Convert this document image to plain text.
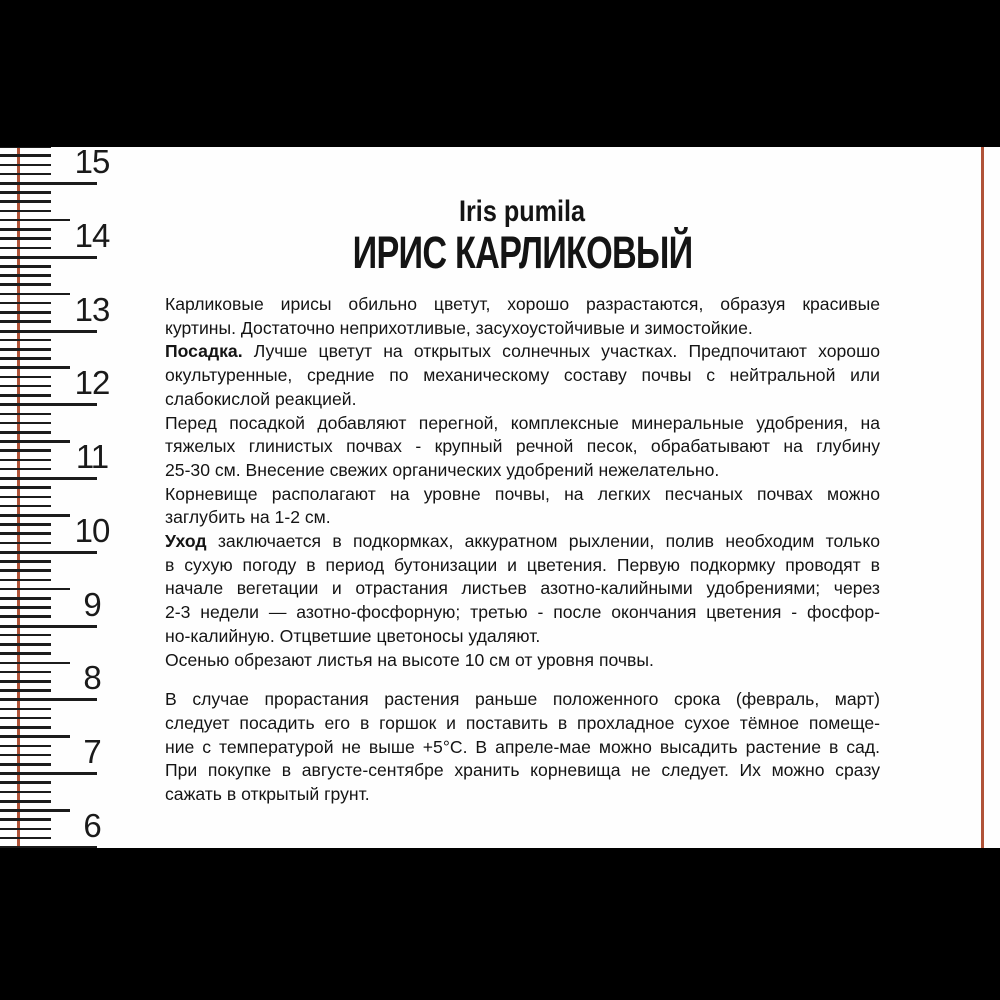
15
14
13
12
11
10
9
8
7
6
Iris pumila
ИРИС КАРЛИКОВЫЙ
Карликовые ирисы обильно цветут, хорошо разрастаются, образуя красивые
куртины. Достаточно неприхотливые, засухоустойчивые и зимостойкие.
Посадка. Лучше цветут на открытых солнечных участках. Предпочитают хорошо
окультуренные, средние по механическому составу почвы с нейтральной или
слабокислой реакцией.
Перед посадкой добавляют перегной, комплексные минеральные удобрения, на
тяжелых глинистых почвах - крупный речной песок, обрабатывают на глубину
25-30 см. Внесение свежих органических удобрений нежелательно.
Корневище располагают на уровне почвы, на легких песчаных почвах можно
заглубить на 1-2 см.
Уход заключается в подкормках, аккуратном рыхлении, полив необходим только
в сухую погоду в период бутонизации и цветения. Первую подкормку проводят в
начале вегетации и отрастания листьев азотно-калийными удобрениями; через
2-3 недели — азотно-фосфорную; третью - после окончания цветения - фосфор-
но-калийную. Отцветшие цветоносы удаляют.
Осенью обрезают листья на высоте 10 см от уровня почвы.
В случае прорастания растения раньше положенного срока (февраль, март)
следует посадить его в горшок и поставить в прохладное сухое тёмное помеще-
ние с температурой не выше +5°С. В апреле-мае можно высадить растение в сад.
При покупке в августе-сентябре хранить корневища не следует. Их можно сразу
сажать в открытый грунт.
